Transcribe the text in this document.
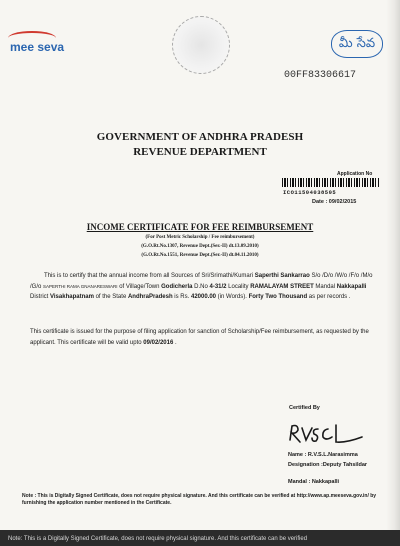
mee seva	మీ సేవ
00FF83306617
GOVERNMENT OF ANDHRA PRADESH
REVENUE DEPARTMENT
Application No
ICO11504038505
Date : 09/02/2015
INCOME CERTIFICATE FOR FEE REIMBURSEMENT
(For Post Metric Scholarship / Fee reimbursement)
(G.O.Rt.No.1307, Revenue Dept.(Ser.-II) dt.13.09.2010)
(G.O.Rt.No.1551, Revenue Dept.(Ser.-II) dt.04.11.2010)
This is to certify that the annual income from all Sources of Sri/Srimathi/Kumari Saperthi Sankarrao S/o /D/o /W/o /F/o /M/o /G/o SAPERTHI RAMA GNANARESWARI of Village/Town Godicherla D.No 4-31/2 Locality RAMALAYAM STREET Mandal Nakkapalli District Visakhapatnam of the State AndhraPradesh is Rs. 42000.00 (in Words). Forty Two Thousand as per records .
This certificate is issued for the purpose of filing application for sanction of Scholarship/Fee reimbursement, as requested by the applicant. This certificate will be valid upto 09/02/2016 .
Certified By
Name : R.V.S.L.Narasimma
Designation :Deputy Tahsildar
Mandal : Nakkapalli
Note : This is Digitally Signed Certificate, does not require physical signature. And this certificate can be verified at http://www.ap.meeseva.gov.in/ by furnishing the application number mentioned in the Certificate.
Note: This is a Digitally Signed Certificate, does not require physical signature. And this certificate can be verified
